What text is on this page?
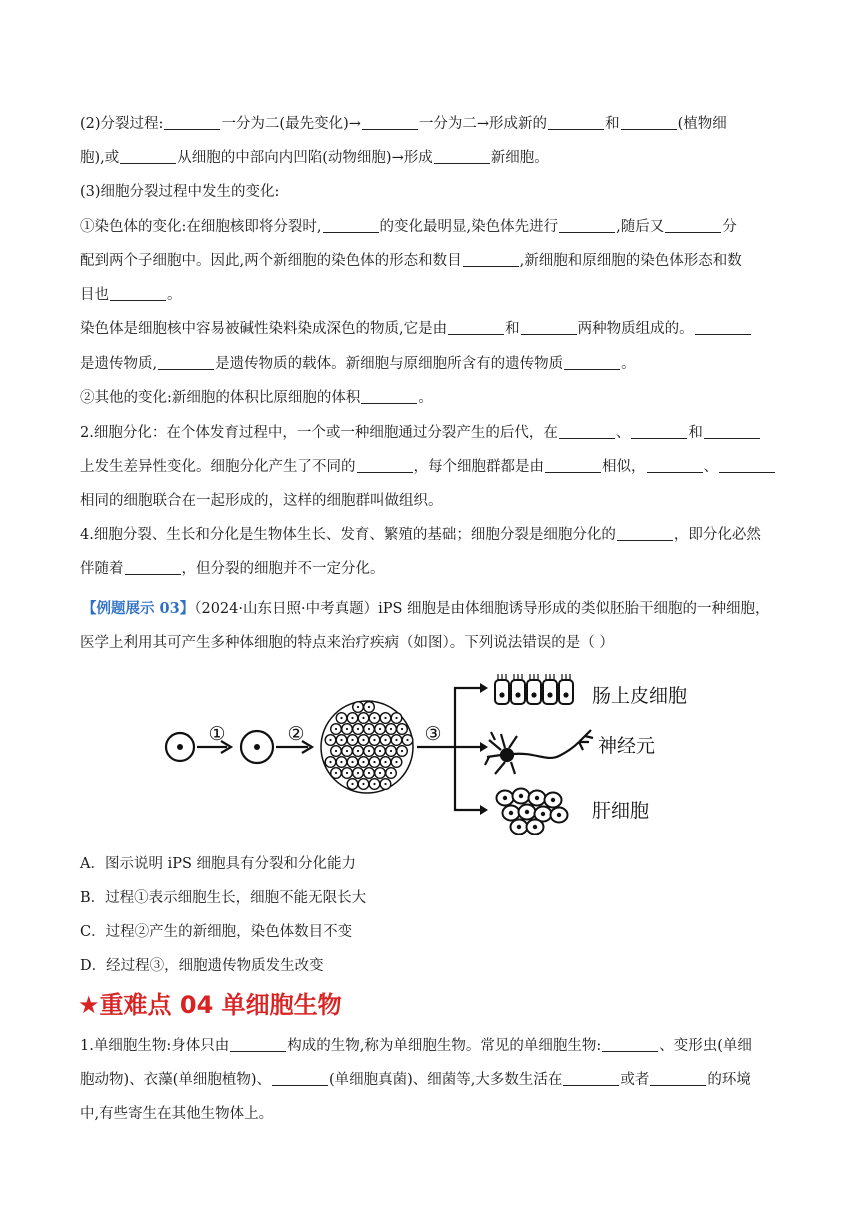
(2)分裂过程:	一分为二(最先变化)→	一分为二→形成新的	和	(植物细

胞),或	从细胞的中部向内凹陷(动物细胞)→形成	新细胞。

(3)细胞分裂过程中发生的变化:

①染色体的变化:在细胞核即将分裂时,	的变化最明显,染色体先进行	,随后又	分

配到两个子细胞中。因此,两个新细胞的染色体的形态和数目	,新细胞和原细胞的染色体形态和数

目也	。

染色体是细胞核中容易被碱性染料染成深色的物质,它是由	和	两种物质组成的。

是遗传物质,	是遗传物质的载体。新细胞与原细胞所含有的遗传物质	。

②其他的变化:新细胞的体积比原细胞的体积	。

2.细胞分化：在个体发育过程中，一个或一种细胞通过分裂产生的后代，在	、	和

上发生差异性变化。细胞分化产生了不同的	，每个细胞群都是由	相似，	、

相同的细胞联合在一起形成的，这样的细胞群叫做组织。

4.细胞分裂、生长和分化是生物体生长、发育、繁殖的基础；细胞分裂是细胞分化的	，即分化必然

伴随着	，但分裂的细胞并不一定分化。

【例题展示 03】（2024·山东日照·中考真题）iPS 细胞是由体细胞诱导形成的类似胚胎干细胞的一种细胞，

医学上利用其可产生多种体细胞的特点来治疗疾病（如图）。下列说法错误的是（ ）

①	②	③
肠上皮细胞
神经元
肝细胞

A．图示说明 iPS 细胞具有分裂和分化能力

B．过程①表示细胞生长，细胞不能无限长大

C．过程②产生的新细胞，染色体数目不变

D．经过程③，细胞遗传物质发生改变

★重难点 04 单细胞生物

1.单细胞生物:身体只由	构成的生物,称为单细胞生物。常见的单细胞生物:	、变形虫(单细

胞动物)、衣藻(单细胞植物)、	(单细胞真菌)、细菌等,大多数生活在	或者	的环境

中,有些寄生在其他生物体上。
